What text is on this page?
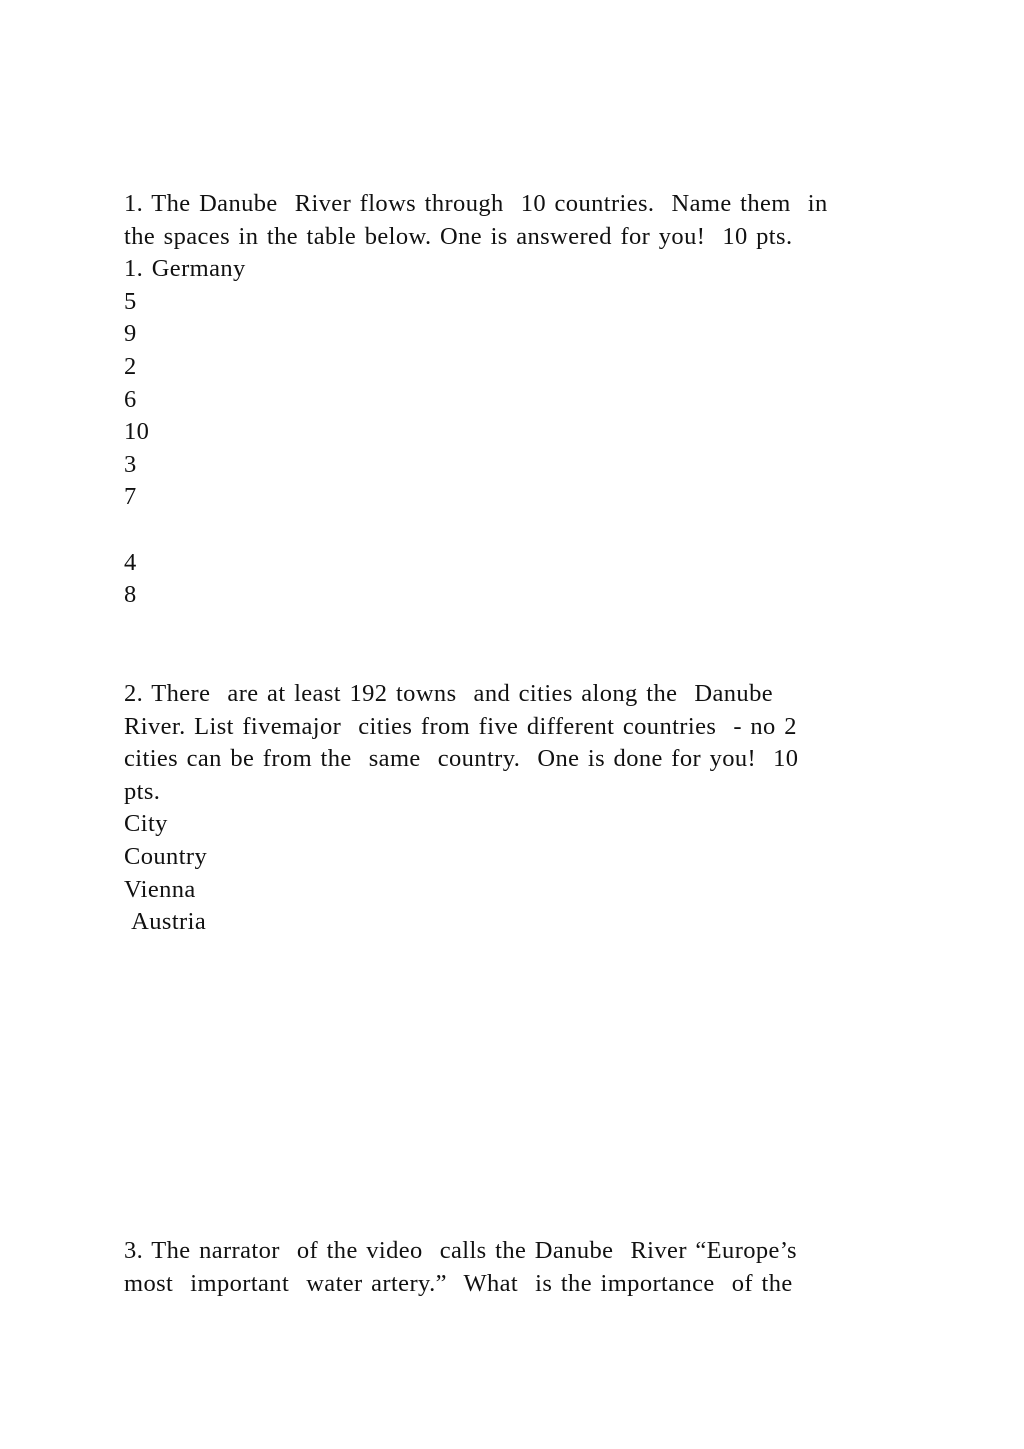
1. The Danube  River flows through  10 countries.  Name them  in
the spaces in the table below. One is answered for you!  10 pts.
1. Germany
5
9
2
6
10
3
7
4
8
2. There  are at least 192 towns  and cities along the  Danube
River. List fivemajor  cities from five different countries  - no 2
cities can be from the  same  country.  One is done for you!  10
pts.
City
Country
Vienna
Austria
3. The narrator  of the video  calls the Danube  River “Europe’s
most  important  water artery.”  What  is the importance  of the
